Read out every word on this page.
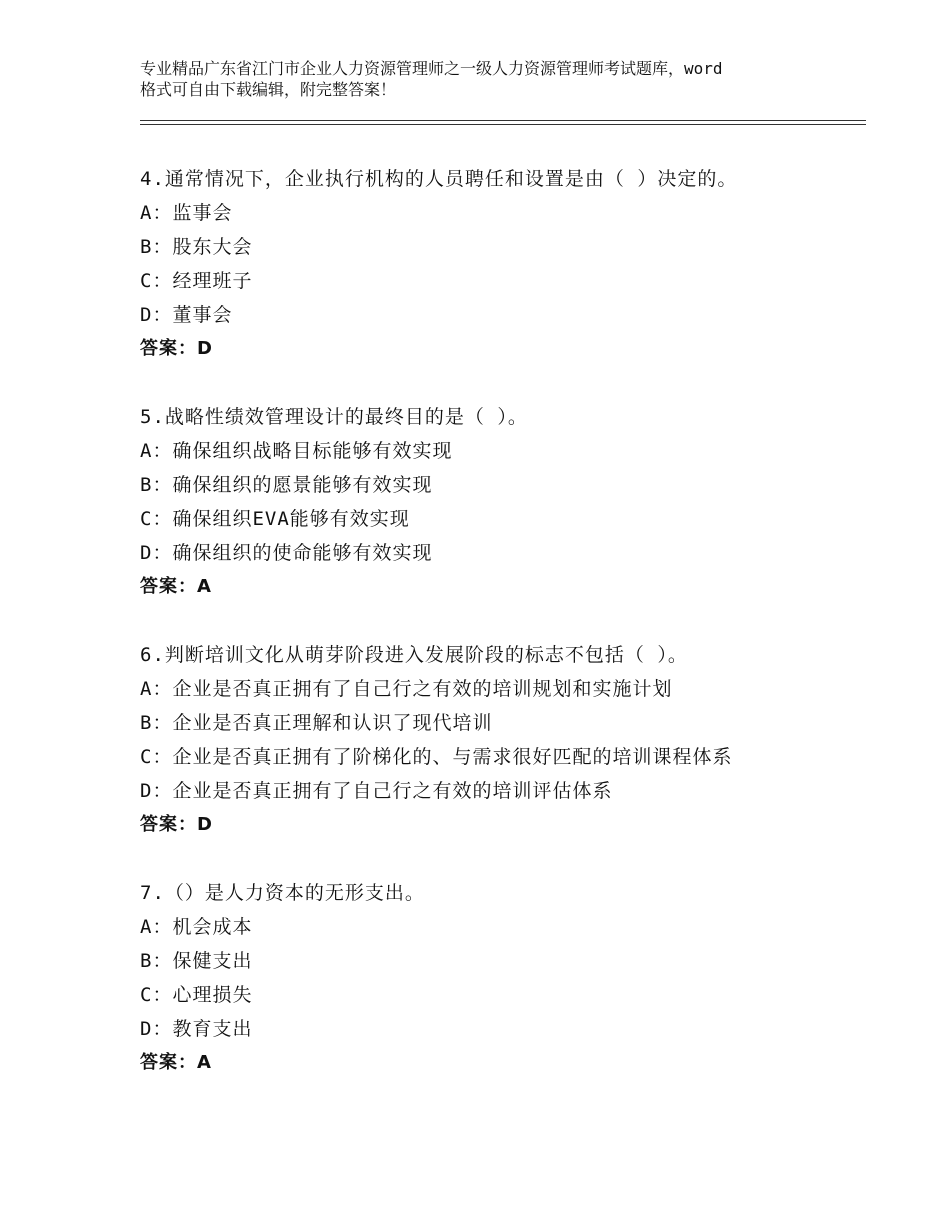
专业精品广东省江门市企业人力资源管理师之一级人力资源管理师考试题库，word
格式可自由下载编辑，附完整答案！
4.通常情况下，企业执行机构的人员聘任和设置是由（ ）决定的。
A：监事会
B：股东大会
C：经理班子
D：董事会
答案：D
5.战略性绩效管理设计的最终目的是（ ）。
A：确保组织战略目标能够有效实现
B：确保组织的愿景能够有效实现
C：确保组织EVA能够有效实现
D：确保组织的使命能够有效实现
答案：A
6.判断培训文化从萌芽阶段进入发展阶段的标志不包括（ ）。
A：企业是否真正拥有了自己行之有效的培训规划和实施计划
B：企业是否真正理解和认识了现代培训
C：企业是否真正拥有了阶梯化的、与需求很好匹配的培训课程体系
D：企业是否真正拥有了自己行之有效的培训评估体系
答案：D
7.（）是人力资本的无形支出。
A：机会成本
B：保健支出
C：心理损失
D：教育支出
答案：A
